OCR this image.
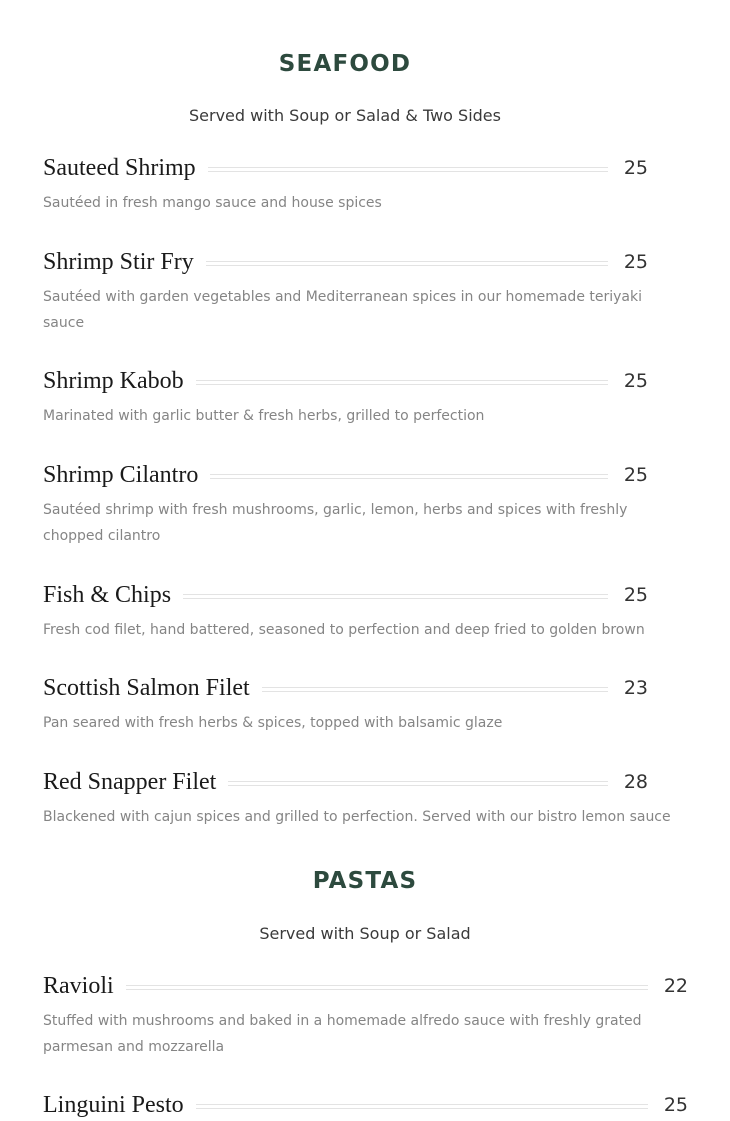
SEAFOOD

Served with Soup or Salad & Two Sides

Sauteed Shrimp	25

Sautéed in fresh mango sauce and house spices

Shrimp Stir Fry	25

Sautéed with garden vegetables and Mediterranean spices in our homemade teriyaki sauce

Shrimp Kabob	25

Marinated with garlic butter & fresh herbs, grilled to perfection

Shrimp Cilantro	25

Sautéed shrimp with fresh mushrooms, garlic, lemon, herbs and spices with freshly chopped cilantro

Fish & Chips	25

Fresh cod filet, hand battered, seasoned to perfection and deep fried to golden brown

Scottish Salmon Filet	23

Pan seared with fresh herbs & spices, topped with balsamic glaze

Red Snapper Filet	28

Blackened with cajun spices and grilled to perfection. Served with our bistro lemon sauce

PASTAS

Served with Soup or Salad

Ravioli	22

Stuffed with mushrooms and baked in a homemade alfredo sauce with freshly grated parmesan and mozzarella

Linguini Pesto	25
